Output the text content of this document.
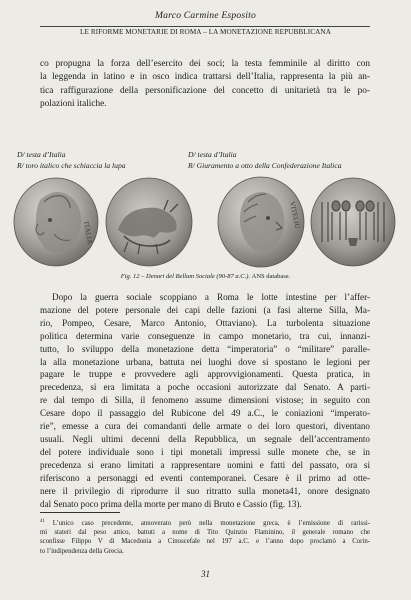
Marco Carmine Esposito
LE RIFORME MONETARIE DI ROMA – LA MONETAZIONE REPUBBLICANA
co propugna la forza dell’esercito dei soci; la testa femminile al diritto con
la leggenda in latino e in osco indica trattarsi dell’Italia, rappresenta la più an-
tica raffigurazione della personificazione del concetto di unitarietà tra le po-
polazioni italiche.
D/ testa d’Italia
R/ toro italico che schiaccia la lupa
D/ testa d’Italia
R/ Giuramento a otto della Confederazione Italica
ITALIA
VITELIU
Fig. 12 – Denari del Bellum Sociale (90-87 a.C.). ANS database.
Dopo la guerra sociale scoppiano a Roma le lotte intestine per l’affer-
mazione del potere personale dei capi delle fazioni (a fasi alterne Silla, Ma-
rio, Pompeo, Cesare, Marco Antonio, Ottaviano). La turbolenta situazione
politica determina varie conseguenze in campo monetario, tra cui, innanzi-
tutto, lo sviluppo della monetazione detta “imperatoria” o “militare” paralle-
la alla monetazione urbana, battuta nei luoghi dove si spostano le legioni per
pagare le truppe e provvedere agli approvvigionamenti. Questa pratica, in
precedenza, si era limitata a poche occasioni autorizzate dal Senato. A parti-
re dal tempo di Silla, il fenomeno assume dimensioni vistose; in seguito con
Cesare dopo il passaggio del Rubicone del 49 a.C., le coniazioni “imperato-
rie”, emesse a cura dei comandanti delle armate o dei loro questori, diventano
usuali. Negli ultimi decenni della Repubblica, un segnale dell’accentramento
del potere individuale sono i tipi monetali impressi sulle monete che, se in
precedenza si erano limitati a rappresentare uomini e fatti del passato, ora si
riferiscono a personaggi ed eventi contemporanei. Cesare è il primo ad otte-
nere il privilegio di riprodurre il suo ritratto sulla moneta41, onore designato
dal Senato poco prima della morte per mano di Bruto e Cassio (fig. 13).
$^{41}$ L’unico caso precedente, annoverato però nella monetazione greca, è l’emissione di rarissi-
mi stateri dal peso attico, battuti a nome di Tito Quinzio Flaminino, il generale romano che
sconfisse Filippo V di Macedonia a Cinoscefale nel 197 a.C. e l’anno dopo proclamò a Corin-
to l’indipendenza della Grecia.
31
